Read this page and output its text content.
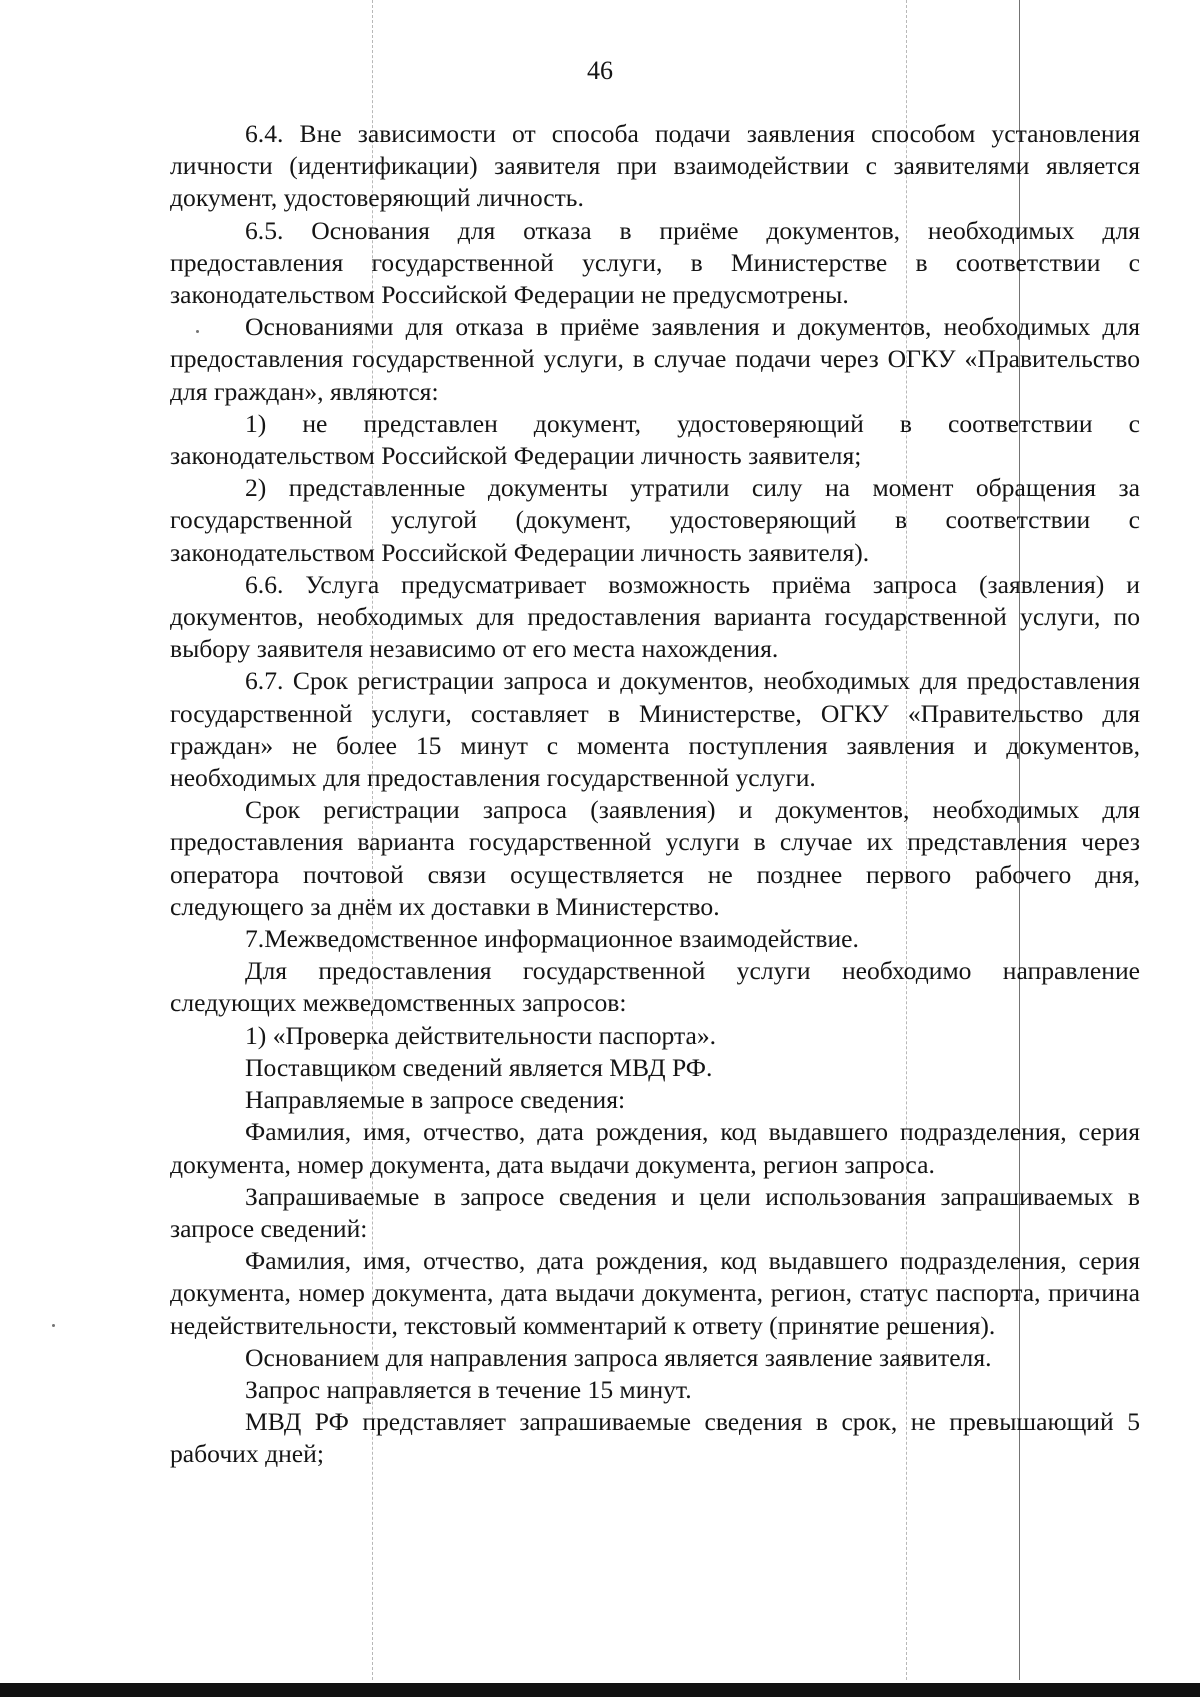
46

6.4. Вне зависимости от способа подачи заявления способом установления личности (идентификации) заявителя при взаимодействии с заявителями является документ, удостоверяющий личность.

6.5. Основания для отказа в приёме документов, необходимых для предоставления государственной услуги, в Министерстве в соответствии с законодательством Российской Федерации не предусмотрены.

Основаниями для отказа в приёме заявления и документов, необходимых для предоставления государственной услуги, в случае подачи через ОГКУ «Правительство для граждан», являются:

1) не представлен документ, удостоверяющий в соответствии с законодательством Российской Федерации личность заявителя;

2) представленные документы утратили силу на момент обращения за государственной услугой (документ, удостоверяющий в соответствии с законодательством Российской Федерации личность заявителя).

6.6. Услуга предусматривает возможность приёма запроса (заявления) и документов, необходимых для предоставления варианта государственной услуги, по выбору заявителя независимо от его места нахождения.

6.7. Срок регистрации запроса и документов, необходимых для предоставления государственной услуги, составляет в Министерстве, ОГКУ «Правительство для граждан» не более 15 минут с момента поступления заявления и документов, необходимых для предоставления государственной услуги.

Срок регистрации запроса (заявления) и документов, необходимых для предоставления варианта государственной услуги в случае их представления через оператора почтовой связи осуществляется не позднее первого рабочего дня, следующего за днём их доставки в Министерство.

7.Межведомственное информационное взаимодействие.

Для предоставления государственной услуги необходимо направление следующих межведомственных запросов:

1) «Проверка действительности паспорта».

Поставщиком сведений является МВД РФ.

Направляемые в запросе сведения:

Фамилия, имя, отчество, дата рождения, код выдавшего подразделения, серия документа, номер документа, дата выдачи документа, регион запроса.

Запрашиваемые в запросе сведения и цели использования запрашиваемых в запросе сведений:

Фамилия, имя, отчество, дата рождения, код выдавшего подразделения, серия документа, номер документа, дата выдачи документа, регион, статус паспорта, причина недействительности, текстовый комментарий к ответу (принятие решения).

Основанием для направления запроса является заявление заявителя.

Запрос направляется в течение 15 минут.

МВД РФ представляет запрашиваемые сведения в срок, не превышающий 5 рабочих дней;
